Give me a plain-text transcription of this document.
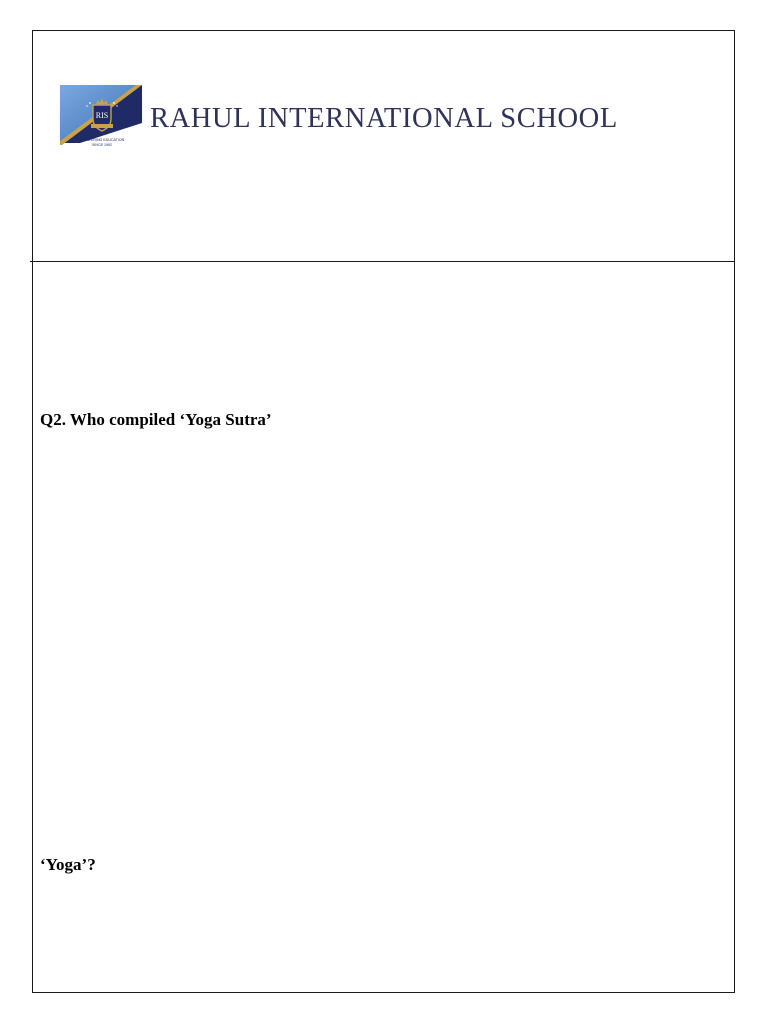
RIS
PIONEERING EDUCATION
SINCE 1992
RAHUL INTERNATIONAL SCHOOL
Q2. Who compiled ‘Yoga Sutra’
‘Yoga’?
